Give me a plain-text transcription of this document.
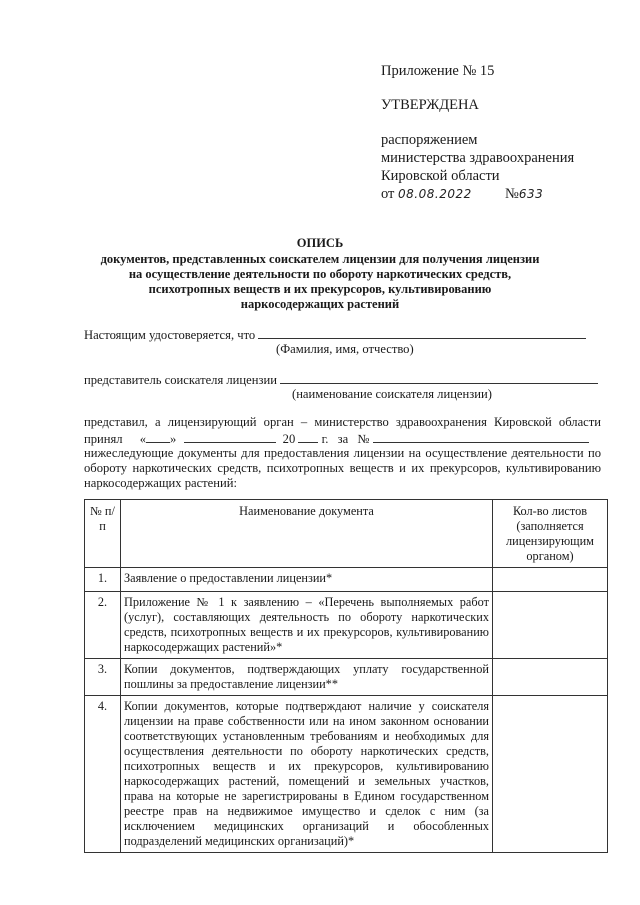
Приложение № 15
УТВЕРЖДЕНА
распоряжением
министерства здравоохранения
Кировской области
от 08.08.2022 №633
ОПИСЬ
документов, представленных соискателем лицензии для получения лицензии
на осуществление деятельности по обороту наркотических средств,
психотропных веществ и их прекурсоров, культивированию
наркосодержащих растений
Настоящим удостоверяется, что
(Фамилия, имя, отчество)
представитель соискателя лицензии
(наименование соискателя лицензии)
представил, а лицензирующий орган – министерство здравоохранения Кировской области
принял « »	20 г. за №
нижеследующие документы для предоставления лицензии на осуществление деятельности по
обороту наркотических средств, психотропных веществ и их прекурсоров, культивированию
наркосодержащих растений:
№ п/п	Наименование документа	Кол-во листов (заполняется лицензирующим органом)
1.	Заявление о предоставлении лицензии*	
2.	Приложение № 1 к заявлению – «Перечень выполняемых работ (услуг), составляющих деятельность по обороту наркотических средств, психотропных веществ и их прекурсоров, культивированию наркосодержащих растений»*	
3.	Копии документов, подтверждающих уплату государственной пошлины за предоставление лицензии**	
4.	Копии документов, которые подтверждают наличие у соискателя лицензии на праве собственности или на ином законном основании соответствующих установленным требованиям и необходимых для осуществления деятельности по обороту наркотических средств, психотропных веществ и их прекурсоров, культивированию наркосодержащих растений, помещений и земельных участков, права на которые не зарегистрированы в Едином государственном реестре прав на недвижимое имущество и сделок с ним (за исключением медицинских организаций и обособленных подразделений медицинских организаций)*	
